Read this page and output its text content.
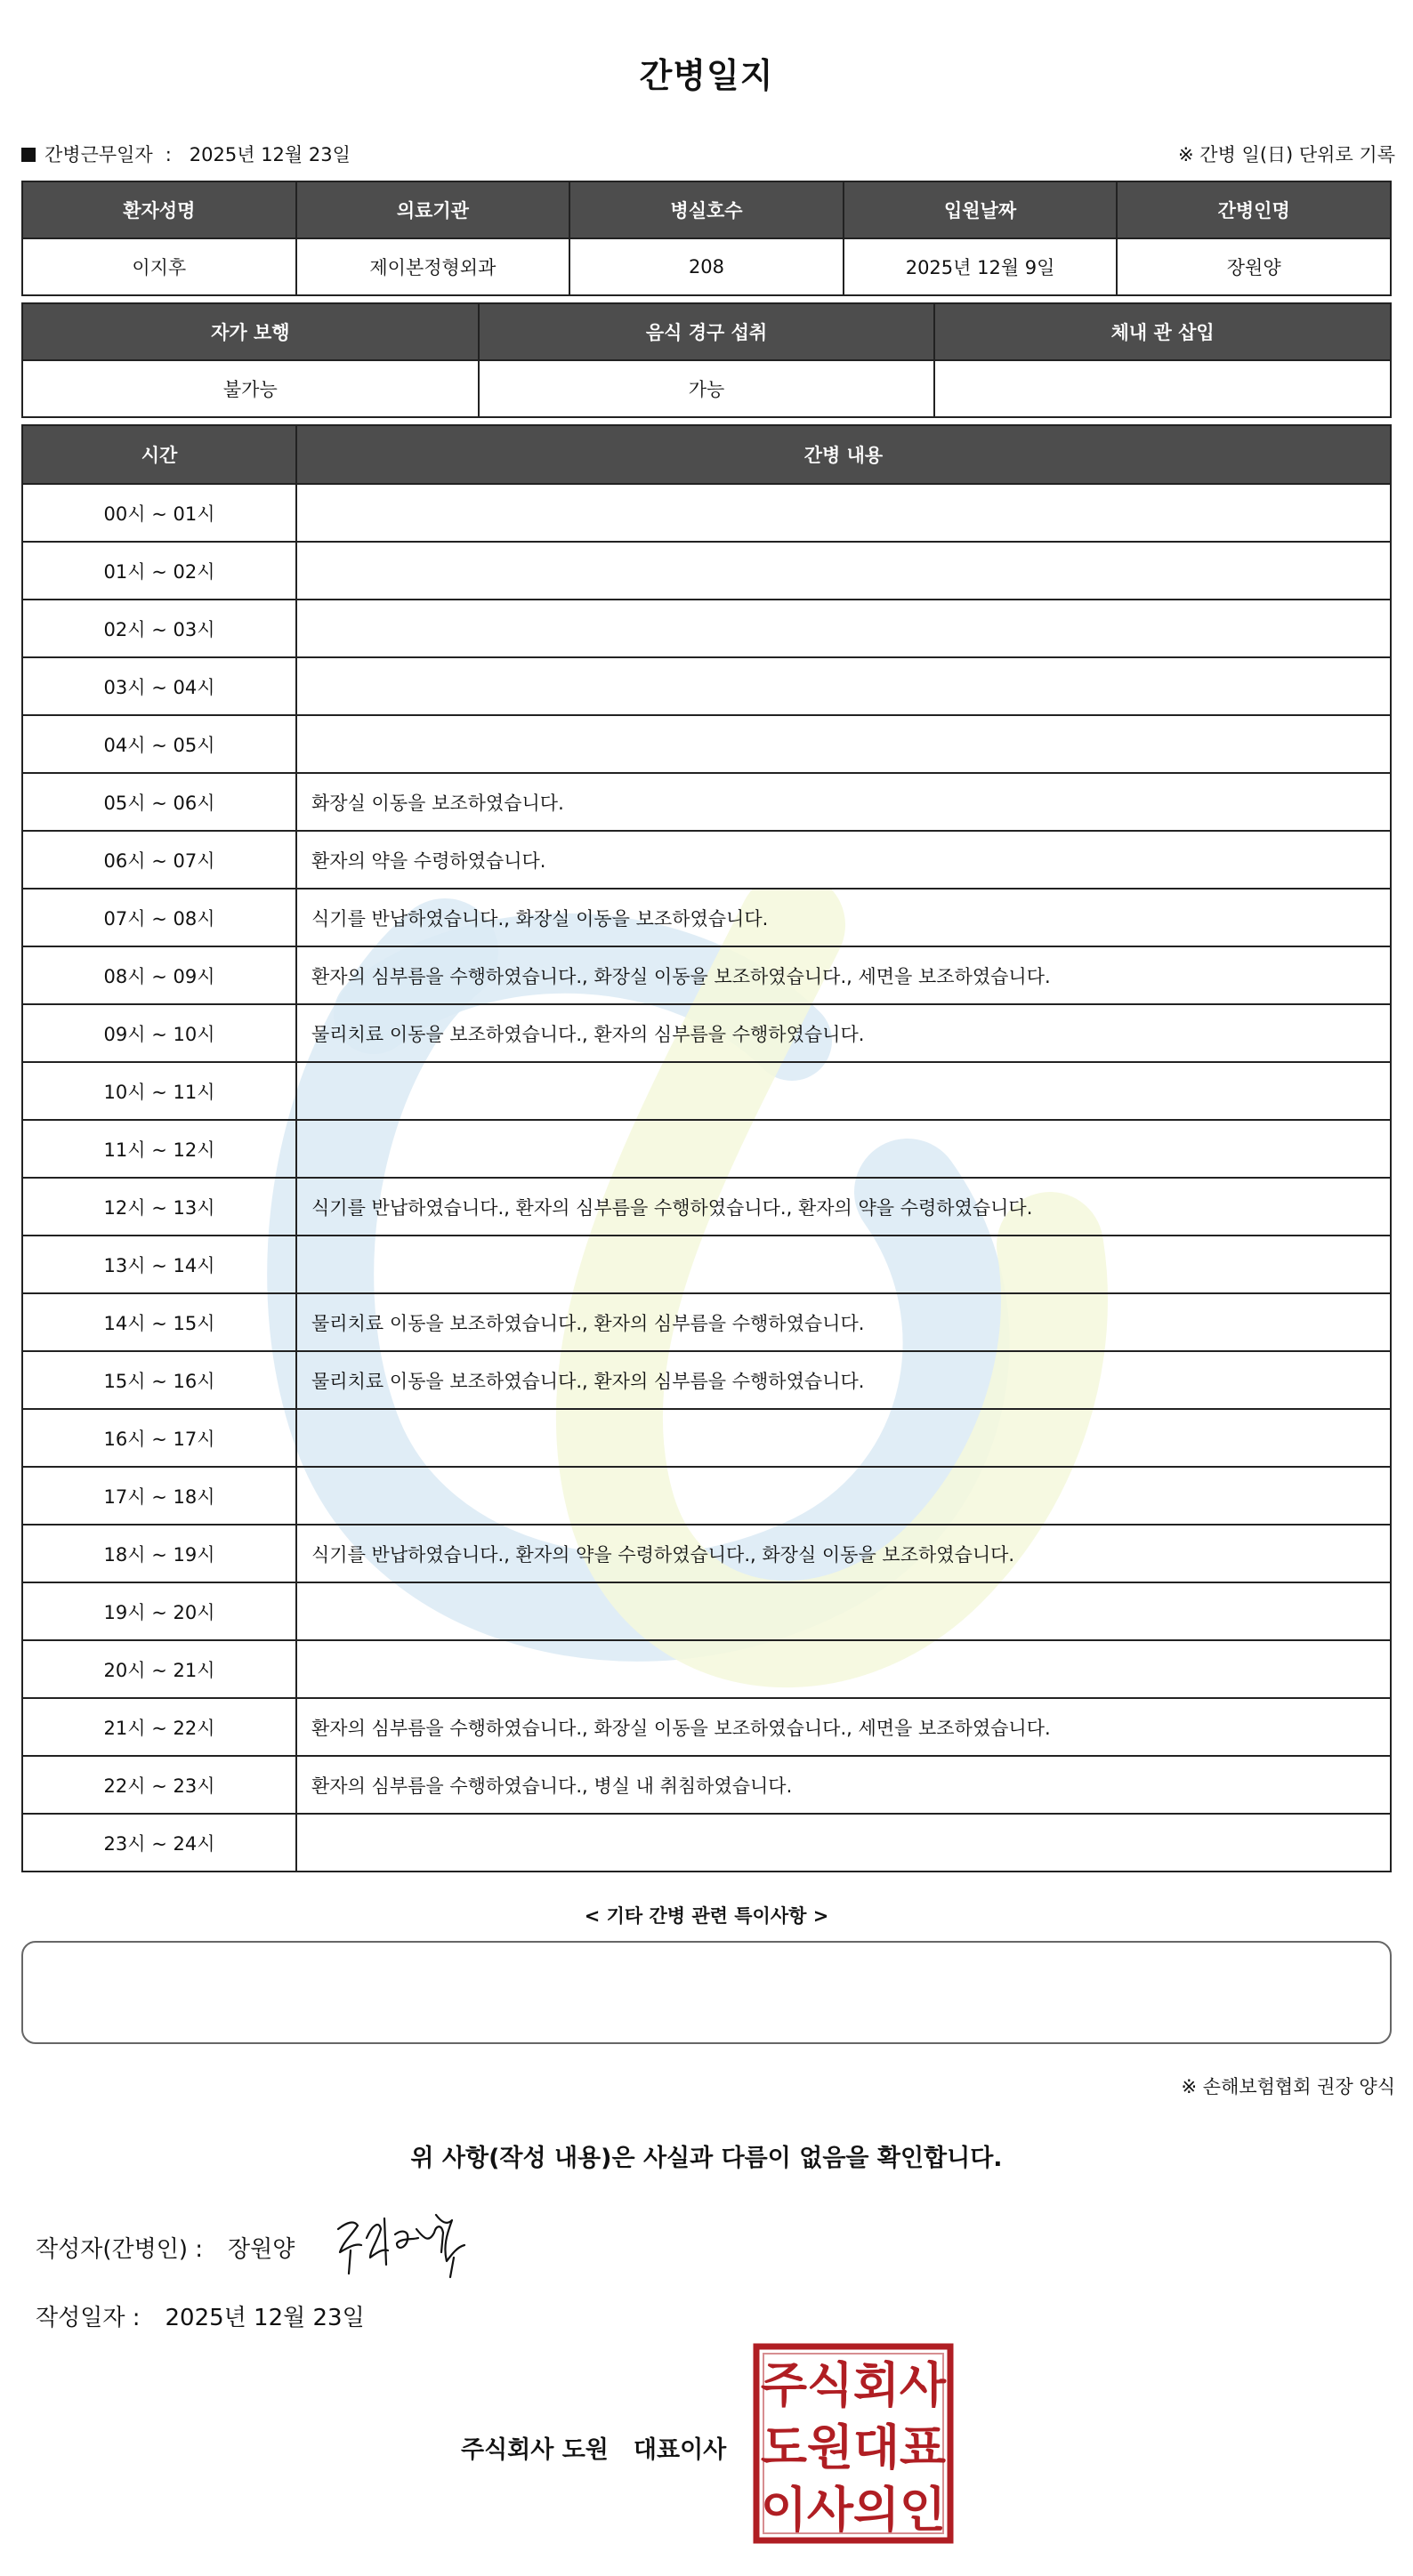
간병일지
간병근무일자 : 2025년 12월 23일	※ 간병 일(日) 단위로 기록
환자성명	의료기관	병실호수	입원날짜	간병인명
이지후	제이본정형외과	208	2025년 12월 9일	장원양
자가 보행	음식 경구 섭취	체내 관 삽입
불가능	가능	
시간	간병 내용
00시 ~ 01시	
01시 ~ 02시	
02시 ~ 03시	
03시 ~ 04시	
04시 ~ 05시	
05시 ~ 06시	화장실 이동을 보조하였습니다.
06시 ~ 07시	환자의 약을 수령하였습니다.
07시 ~ 08시	식기를 반납하였습니다., 화장실 이동을 보조하였습니다.
08시 ~ 09시	환자의 심부름을 수행하였습니다., 화장실 이동을 보조하였습니다., 세면을 보조하였습니다.
09시 ~ 10시	물리치료 이동을 보조하였습니다., 환자의 심부름을 수행하였습니다.
10시 ~ 11시	
11시 ~ 12시	
12시 ~ 13시	식기를 반납하였습니다., 환자의 심부름을 수행하였습니다., 환자의 약을 수령하였습니다.
13시 ~ 14시	
14시 ~ 15시	물리치료 이동을 보조하였습니다., 환자의 심부름을 수행하였습니다.
15시 ~ 16시	물리치료 이동을 보조하였습니다., 환자의 심부름을 수행하였습니다.
16시 ~ 17시	
17시 ~ 18시	
18시 ~ 19시	식기를 반납하였습니다., 환자의 약을 수령하였습니다., 화장실 이동을 보조하였습니다.
19시 ~ 20시	
20시 ~ 21시	
21시 ~ 22시	환자의 심부름을 수행하였습니다., 화장실 이동을 보조하였습니다., 세면을 보조하였습니다.
22시 ~ 23시	환자의 심부름을 수행하였습니다., 병실 내 취침하였습니다.
23시 ~ 24시	
< 기타 간병 관련 특이사항 >
※ 손해보험협회 권장 양식
위 사항(작성 내용)은 사실과 다름이 없음을 확인합니다.
작성자(간병인) : 장원양
작성일자 : 2025년 12월 23일
주식회사 도원 대표이사
주 식 회 사
도 원 대 표
이 사 의 인
